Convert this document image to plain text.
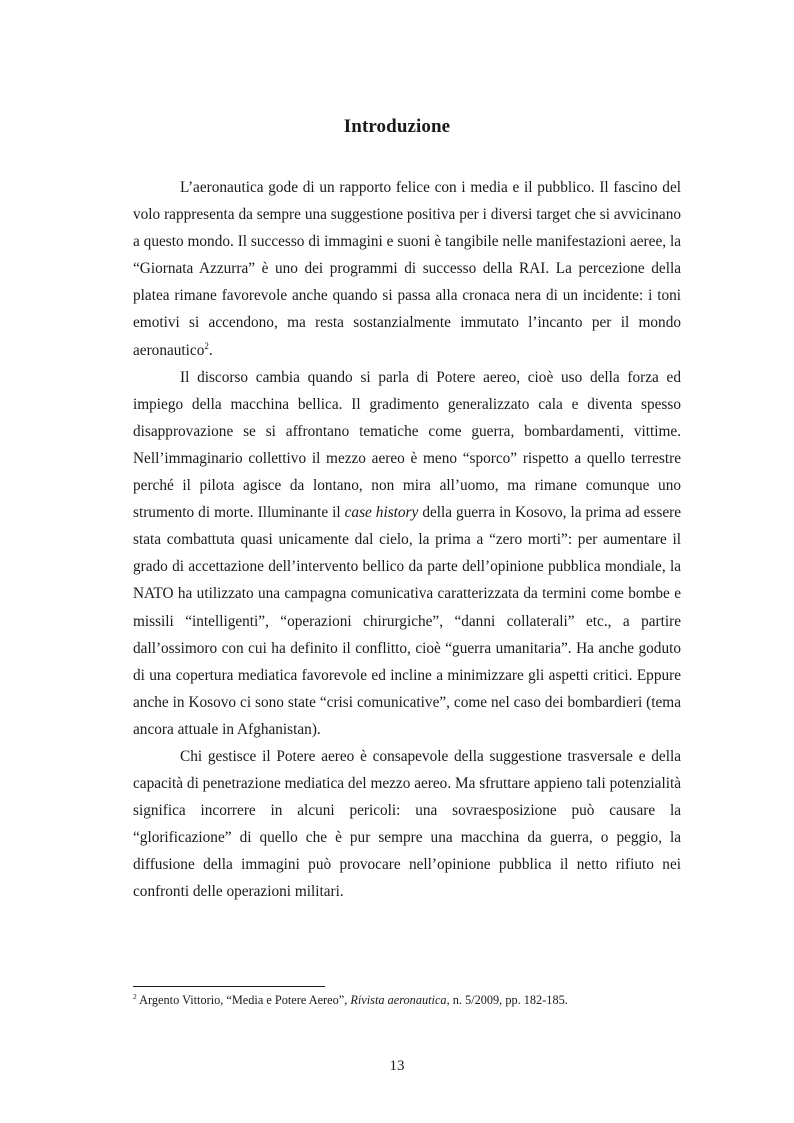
Introduzione

L’aeronautica gode di un rapporto felice con i media e il pubblico. Il fascino del volo rappresenta da sempre una suggestione positiva per i diversi target che si avvicinano a questo mondo. Il successo di immagini e suoni è tangibile nelle manifestazioni aeree, la “Giornata Azzurra” è uno dei programmi di successo della RAI. La percezione della platea rimane favorevole anche quando si passa alla cronaca nera di un incidente: i toni emotivi si accendono, ma resta sostanzialmente immutato l’incanto per il mondo aeronautico$^2$.

Il discorso cambia quando si parla di Potere aereo, cioè uso della forza ed impiego della macchina bellica. Il gradimento generalizzato cala e diventa spesso disapprovazione se si affrontano tematiche come guerra, bombardamenti, vittime. Nell’immaginario collettivo il mezzo aereo è meno “sporco” rispetto a quello terrestre perché il pilota agisce da lontano, non mira all’uomo, ma rimane comunque uno strumento di morte. Illuminante il case history della guerra in Kosovo, la prima ad essere stata combattuta quasi unicamente dal cielo, la prima a “zero morti”: per aumentare il grado di accettazione dell’intervento bellico da parte dell’opinione pubblica mondiale, la NATO ha utilizzato una campagna comunicativa caratterizzata da termini come bombe e missili “intelligenti”, “operazioni chirurgiche”, “danni collaterali” etc., a partire dall’ossimoro con cui ha definito il conflitto, cioè “guerra umanitaria”. Ha anche goduto di una copertura mediatica favorevole ed incline a minimizzare gli aspetti critici. Eppure anche in Kosovo ci sono state “crisi comunicative”, come nel caso dei bombardieri (tema ancora attuale in Afghanistan).

Chi gestisce il Potere aereo è consapevole della suggestione trasversale e della capacità di penetrazione mediatica del mezzo aereo. Ma sfruttare appieno tali potenzialità significa incorrere in alcuni pericoli: una sovraesposizione può causare la “glorificazione” di quello che è pur sempre una macchina da guerra, o peggio, la diffusione della immagini può provocare nell’opinione pubblica il netto rifiuto nei confronti delle operazioni militari.

$^2$ Argento Vittorio, “Media e Potere Aereo”, Rivista aeronautica, n. 5/2009, pp. 182-185.

13
